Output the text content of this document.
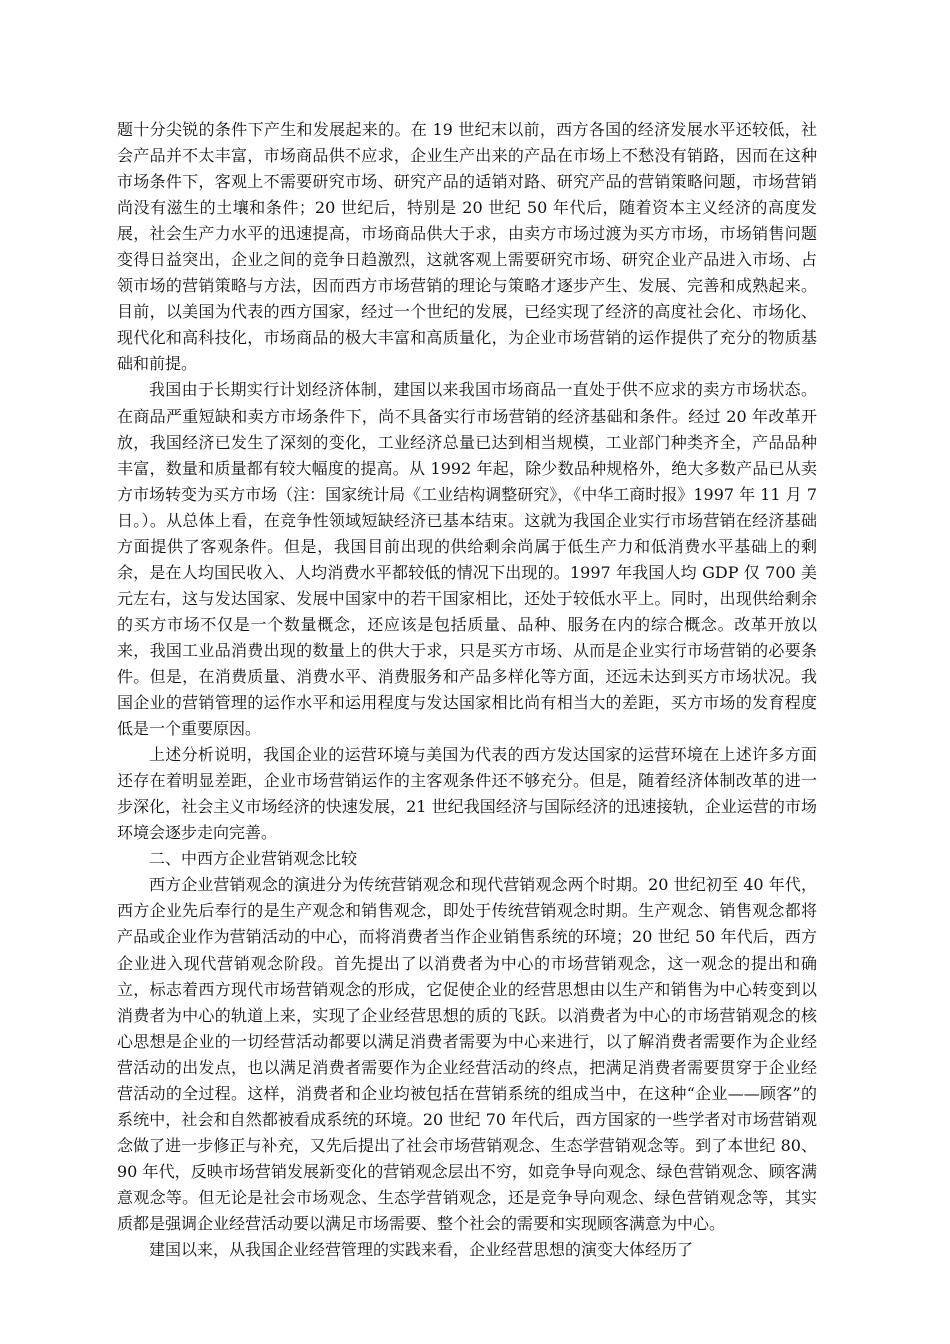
题十分尖锐的条件下产生和发展起来的。在 19 世纪末以前，西方各国的经济发展水平还较低，社会产品并不太丰富，市场商品供不应求，企业生产出来的产品在市场上不愁没有销路，因而在这种市场条件下，客观上不需要研究市场、研究产品的适销对路、研究产品的营销策略问题，市场营销尚没有滋生的土壤和条件；20 世纪后，特别是 20 世纪 50 年代后，随着资本主义经济的高度发展，社会生产力水平的迅速提高，市场商品供大于求，由卖方市场过渡为买方市场，市场销售问题变得日益突出，企业之间的竞争日趋激烈，这就客观上需要研究市场、研究企业产品进入市场、占领市场的营销策略与方法，因而西方市场营销的理论与策略才逐步产生、发展、完善和成熟起来。目前，以美国为代表的西方国家，经过一个世纪的发展，已经实现了经济的高度社会化、市场化、现代化和高科技化，市场商品的极大丰富和高质量化，为企业市场营销的运作提供了充分的物质基础和前提。

我国由于长期实行计划经济体制，建国以来我国市场商品一直处于供不应求的卖方市场状态。在商品严重短缺和卖方市场条件下，尚不具备实行市场营销的经济基础和条件。经过 20 年改革开放，我国经济已发生了深刻的变化，工业经济总量已达到相当规模，工业部门种类齐全，产品品种丰富，数量和质量都有较大幅度的提高。从 1992 年起，除少数品种规格外，绝大多数产品已从卖方市场转变为买方市场（注：国家统计局《工业结构调整研究》，《中华工商时报》1997 年 11 月 7 日。）。从总体上看，在竞争性领域短缺经济已基本结束。这就为我国企业实行市场营销在经济基础方面提供了客观条件。但是，我国目前出现的供给剩余尚属于低生产力和低消费水平基础上的剩余，是在人均国民收入、人均消费水平都较低的情况下出现的。1997 年我国人均 GDP 仅 700 美元左右，这与发达国家、发展中国家中的若干国家相比，还处于较低水平上。同时，出现供给剩余的买方市场不仅是一个数量概念，还应该是包括质量、品种、服务在内的综合概念。改革开放以来，我国工业品消费出现的数量上的供大于求，只是买方市场、从而是企业实行市场营销的必要条件。但是，在消费质量、消费水平、消费服务和产品多样化等方面，还远未达到买方市场状况。我国企业的营销管理的运作水平和运用程度与发达国家相比尚有相当大的差距，买方市场的发育程度低是一个重要原因。

上述分析说明，我国企业的运营环境与美国为代表的西方发达国家的运营环境在上述许多方面还存在着明显差距，企业市场营销运作的主客观条件还不够充分。但是，随着经济体制改革的进一步深化，社会主义市场经济的快速发展，21 世纪我国经济与国际经济的迅速接轨，企业运营的市场环境会逐步走向完善。

二、中西方企业营销观念比较

西方企业营销观念的演进分为传统营销观念和现代营销观念两个时期。20 世纪初至 40 年代，西方企业先后奉行的是生产观念和销售观念，即处于传统营销观念时期。生产观念、销售观念都将产品或企业作为营销活动的中心，而将消费者当作企业销售系统的环境；20 世纪 50 年代后，西方企业进入现代营销观念阶段。首先提出了以消费者为中心的市场营销观念，这一观念的提出和确立，标志着西方现代市场营销观念的形成，它促使企业的经营思想由以生产和销售为中心转变到以消费者为中心的轨道上来，实现了企业经营思想的质的飞跃。以消费者为中心的市场营销观念的核心思想是企业的一切经营活动都要以满足消费者需要为中心来进行，以了解消费者需要作为企业经营活动的出发点，也以满足消费者需要作为企业经营活动的终点，把满足消费者需要贯穿于企业经营活动的全过程。这样，消费者和企业均被包括在营销系统的组成当中，在这种“企业——顾客”的系统中，社会和自然都被看成系统的环境。20 世纪 70 年代后，西方国家的一些学者对市场营销观念做了进一步修正与补充，又先后提出了社会市场营销观念、生态学营销观念等。到了本世纪 80、90 年代，反映市场营销发展新变化的营销观念层出不穷，如竞争导向观念、绿色营销观念、顾客满意观念等。但无论是社会市场观念、生态学营销观念，还是竞争导向观念、绿色营销观念等，其实质都是强调企业经营活动要以满足市场需要、整个社会的需要和实现顾客满意为中心。

建国以来，从我国企业经营管理的实践来看，企业经营思想的演变大体经历了
